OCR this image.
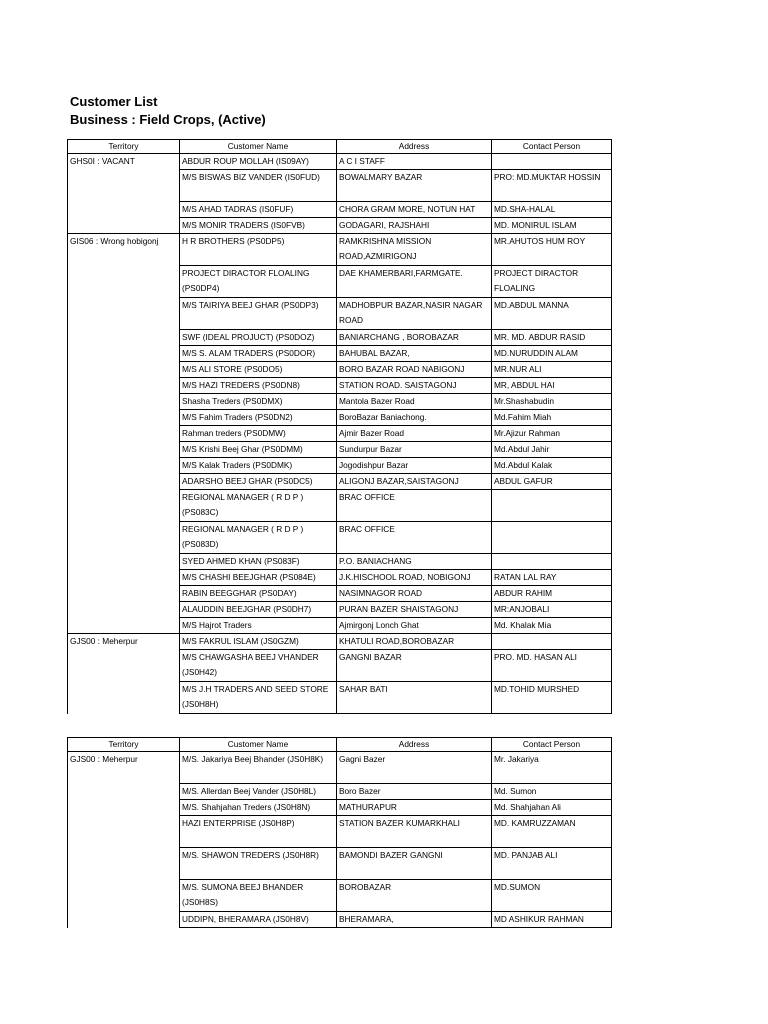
Customer List
Business : Field Crops, (Active)
Territory	Customer Name	Address	Contact Person
GHS0I : VACANT	ABDUR ROUP MOLLAH (IS09AY)	A C I STAFF	
	M/S BISWAS BIZ VANDER (IS0FUD)	BOWALMARY BAZAR	PRO: MD.MUKTAR HOSSIN
	M/S AHAD TADRAS (IS0FUF)	CHORA GRAM MORE, NOTUN HAT	MD.SHA-HALAL
	M/S MONIR TRADERS (IS0FVB)	GODAGARI, RAJSHAHI	MD. MONIRUL ISLAM
GIS06 : Wrong hobigonj	H R BROTHERS (PS0DP5)	RAMKRISHNA MISSION ROAD,AZMIRIGONJ	MR.AHUTOS HUM ROY
	PROJECT DIRACTOR FLOALING (PS0DP4)	DAE KHAMERBARI,FARMGATE.	PROJECT DIRACTOR FLOALING
	M/S TAIRIYA BEEJ GHAR (PS0DP3)	MADHOBPUR BAZAR,NASIR NAGAR ROAD	MD.ABDUL MANNA
	SWF (IDEAL PROJUCT) (PS0DOZ)	BANIARCHANG , BOROBAZAR	MR. MD. ABDUR RASID
	M/S S. ALAM TRADERS (PS0DOR)	BAHUBAL BAZAR,	MD.NURUDDIN ALAM
	M/S ALI STORE (PS0DO5)	BORO BAZAR ROAD NABIGONJ	MR.NUR ALI
	M/S HAZI TREDERS (PS0DN8)	STATION ROAD. SAISTAGONJ	MR, ABDUL HAI
	Shasha Treders (PS0DMX)	Mantola Bazer Road	Mr.Shashabudin
	M/S Fahim Traders (PS0DN2)	BoroBazar Baniachong.	Md.Fahim Miah
	Rahman treders (PS0DMW)	Ajmir Bazer Road	Mr.Ajizur Rahman
	M/S Krishi Beej Ghar (PS0DMM)	Sundurpur Bazar	Md.Abdul Jahir
	M/S Kalak Traders (PS0DMK)	Jogodishpur Bazar	Md.Abdul Kalak
	ADARSHO BEEJ GHAR (PS0DC5)	ALIGONJ BAZAR,SAISTAGONJ	ABDUL GAFUR
	REGIONAL MANAGER ( R D P ) (PS083C)	BRAC OFFICE	
	REGIONAL MANAGER ( R D P ) (PS083D)	BRAC OFFICE	
	SYED AHMED KHAN (PS083F)	P.O. BANIACHANG	
	M/S CHASHI BEEJGHAR (PS084E)	J.K.HISCHOOL ROAD, NOBIGONJ	RATAN LAL RAY
	RABIN BEEGGHAR (PS0DAY)	NASIMNAGOR ROAD	ABDUR RAHIM
	ALAUDDIN BEEJGHAR (PS0DH7)	PURAN BAZER SHAISTAGONJ	MR:ANJOBALI
	M/S Hajrot Traders	Ajmirgonj Lonch Ghat	Md. Khalak Mia
GJS00 : Meherpur	M/S FAKRUL ISLAM (JS0GZM)	KHATULI ROAD,BOROBAZAR	
	M/S CHAWGASHA BEEJ VHANDER (JS0H42)	GANGNI BAZAR	PRO. MD. HASAN ALI
	M/S J.H TRADERS AND SEED STORE (JS0H8H)	SAHAR BATI	MD.TOHID MURSHED
Territory	Customer Name	Address	Contact Person
GJS00 : Meherpur	M/S. Jakariya Beej Bhander (JS0H8K)	Gagni Bazer	Mr. Jakariya
	M/S. Allerdan Beej Vander (JS0H8L)	Boro Bazer	Md. Sumon
	M/S. Shahjahan Treders (JS0H8N)	MATHURAPUR	Md. Shahjahan Ali
	HAZI ENTERPRISE (JS0H8P)	STATION BAZER KUMARKHALI	MD. KAMRUZZAMAN
	M/S. SHAWON TREDERS (JS0H8R)	BAMONDI BAZER GANGNI	MD. PANJAB ALI
	M/S. SUMONA BEEJ BHANDER (JS0H8S)	BOROBAZAR	MD.SUMON
	UDDIPN, BHERAMARA (JS0H8V)	BHERAMARA,	MD ASHIKUR RAHMAN
